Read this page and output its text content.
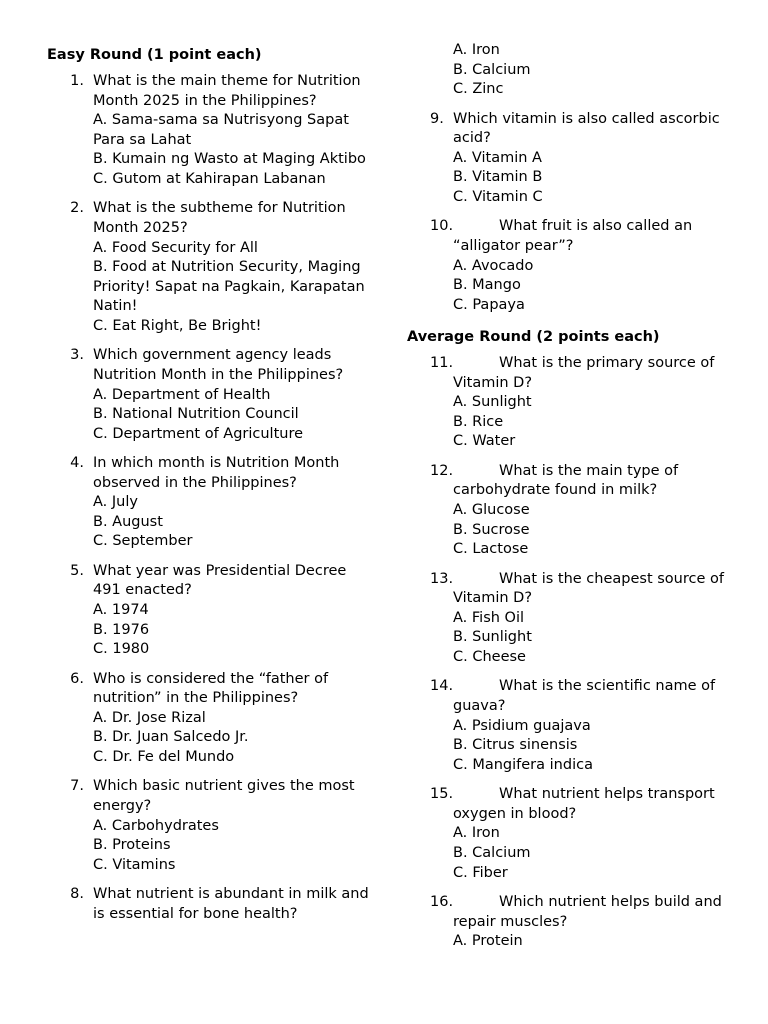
Easy Round (1 point each)
1. What is the main theme for Nutrition Month 2025 in the Philippines?
A. Sama-sama sa Nutrisyong Sapat Para sa Lahat
B. Kumain ng Wasto at Maging Aktibo
C. Gutom at Kahirapan Labanan
2. What is the subtheme for Nutrition Month 2025?
A. Food Security for All
B. Food at Nutrition Security, Maging Priority! Sapat na Pagkain, Karapatan Natin!
C. Eat Right, Be Bright!
3. Which government agency leads Nutrition Month in the Philippines?
A. Department of Health
B. National Nutrition Council
C. Department of Agriculture
4. In which month is Nutrition Month observed in the Philippines?
A. July
B. August
C. September
5. What year was Presidential Decree 491 enacted?
A. 1974
B. 1976
C. 1980
6. Who is considered the “father of nutrition” in the Philippines?
A. Dr. Jose Rizal
B. Dr. Juan Salcedo Jr.
C. Dr. Fe del Mundo
7. Which basic nutrient gives the most energy?
A. Carbohydrates
B. Proteins
C. Vitamins
8. What nutrient is abundant in milk and is essential for bone health?
A. Iron
B. Calcium
C. Zinc
9. Which vitamin is also called ascorbic acid?
A. Vitamin A
B. Vitamin B
C. Vitamin C
10.	What fruit is also called an “alligator pear”?
A. Avocado
B. Mango
C. Papaya
Average Round (2 points each)
11.	What is the primary source of Vitamin D?
A. Sunlight
B. Rice
C. Water
12.	What is the main type of carbohydrate found in milk?
A. Glucose
B. Sucrose
C. Lactose
13.	What is the cheapest source of Vitamin D?
A. Fish Oil
B. Sunlight
C. Cheese
14.	What is the scientific name of guava?
A. Psidium guajava
B. Citrus sinensis
C. Mangifera indica
15.	What nutrient helps transport oxygen in blood?
A. Iron
B. Calcium
C. Fiber
16.	Which nutrient helps build and repair muscles?
A. Protein
